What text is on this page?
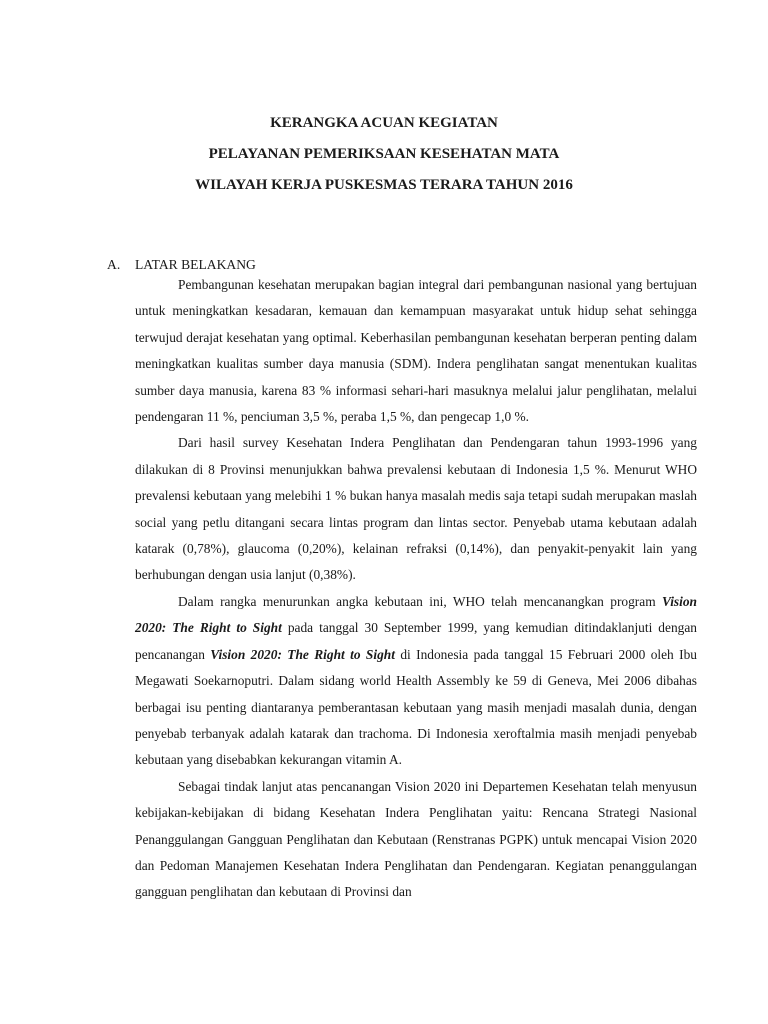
KERANGKA ACUAN KEGIATAN
PELAYANAN PEMERIKSAAN KESEHATAN MATA
WILAYAH KERJA PUSKESMAS TERARA TAHUN 2016
A. LATAR BELAKANG

Pembangunan kesehatan merupakan bagian integral dari pembangunan nasional yang bertujuan untuk meningkatkan kesadaran, kemauan dan kemampuan masyarakat untuk hidup sehat sehingga terwujud derajat kesehatan yang optimal. Keberhasilan pembangunan kesehatan berperan penting dalam meningkatkan kualitas sumber daya manusia (SDM). Indera penglihatan sangat menentukan kualitas sumber daya manusia, karena 83 % informasi sehari-hari masuknya melalui jalur penglihatan, melalui pendengaran 11 %, penciuman 3,5 %, peraba 1,5 %, dan pengecap 1,0 %.

Dari hasil survey Kesehatan Indera Penglihatan dan Pendengaran tahun 1993-1996 yang dilakukan di 8 Provinsi menunjukkan bahwa prevalensi kebutaan di Indonesia 1,5 %. Menurut WHO prevalensi kebutaan yang melebihi 1 % bukan hanya masalah medis saja tetapi sudah merupakan maslah social yang petlu ditangani secara lintas program dan lintas sector. Penyebab utama kebutaan adalah katarak (0,78%), glaucoma (0,20%), kelainan refraksi (0,14%), dan penyakit-penyakit lain yang berhubungan dengan usia lanjut (0,38%).

Dalam rangka menurunkan angka kebutaan ini, WHO telah mencanangkan program Vision 2020: The Right to Sight pada tanggal 30 September 1999, yang kemudian ditindaklanjuti dengan pencanangan Vision 2020: The Right to Sight di Indonesia pada tanggal 15 Februari 2000 oleh Ibu Megawati Soekarnoputri. Dalam sidang world Health Assembly ke 59 di Geneva, Mei 2006 dibahas berbagai isu penting diantaranya pemberantasan kebutaan yang masih menjadi masalah dunia, dengan penyebab terbanyak adalah katarak dan trachoma. Di Indonesia xeroftalmia masih menjadi penyebab kebutaan yang disebabkan kekurangan vitamin A.

Sebagai tindak lanjut atas pencanangan Vision 2020 ini Departemen Kesehatan telah menyusun kebijakan-kebijakan di bidang Kesehatan Indera Penglihatan yaitu: Rencana Strategi Nasional Penanggulangan Gangguan Penglihatan dan Kebutaan (Renstranas PGPK) untuk mencapai Vision 2020 dan Pedoman Manajemen Kesehatan Indera Penglihatan dan Pendengaran. Kegiatan penanggulangan gangguan penglihatan dan kebutaan di Provinsi dan
